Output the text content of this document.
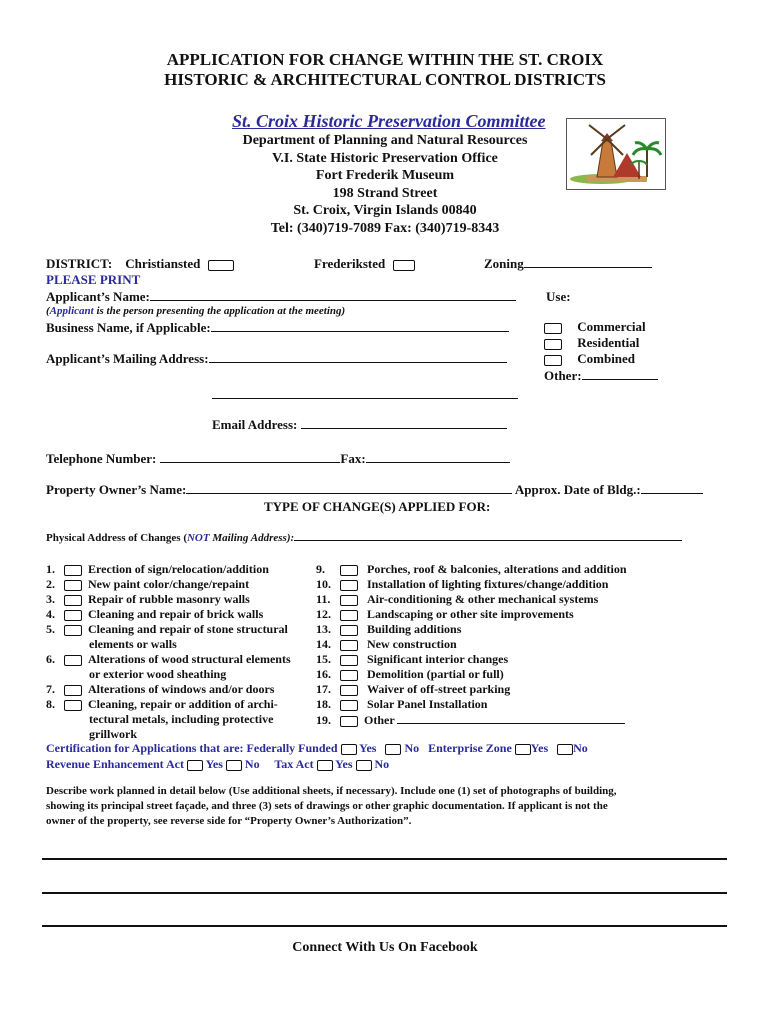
APPLICATION FOR CHANGE WITHIN THE ST. CROIX
HISTORIC & ARCHITECTURAL CONTROL DISTRICTS
St. Croix Historic Preservation Committee
Department of Planning and Natural Resources
V.I. State Historic Preservation Office
Fort Frederik Museum
198 Strand Street
St. Croix, Virgin Islands 00840
Tel: (340)719-7089 Fax: (340)719-8343
DISTRICT: Christiansted	Frederiksted	Zoning
PLEASE PRINT
Applicant’s Name:	Use:
(Applicant is the person presenting the application at the meeting)
Business Name, if Applicable:	Commercial
Residential
Combined
Other:
Applicant’s Mailing Address:
Email Address:
Telephone Number:	Fax:
Property Owner’s Name:	Approx. Date of Bldg.:
TYPE OF CHANGE(S) APPLIED FOR:
Physical Address of Changes (NOT Mailing Address):
1.	Erection of sign/relocation/addition
2.	New paint color/change/repaint
3.	Repair of rubble masonry walls
4.	Cleaning and repair of brick walls
5.	Cleaning and repair of stone structural
elements or walls
6.	Alterations of wood structural elements
or exterior wood sheathing
7.	Alterations of windows and/or doors
8.	Cleaning, repair or addition of archi-
tectural metals, including protective
grillwork
9.	Porches, roof & balconies, alterations and addition
10.	Installation of lighting fixtures/change/addition
11.	Air-conditioning & other mechanical systems
12.	Landscaping or other site improvements
13.	Building additions
14.	New construction
15.	Significant interior changes
16.	Demolition (partial or full)
17.	Waiver of off-street parking
18.	Solar Panel Installation
19.	Other
Certification for Applications that are: Federally Funded Yes No Enterprise Zone Yes No
Revenue Enhancement Act Yes No Tax Act Yes No
Describe work planned in detail below (Use additional sheets, if necessary). Include one (1) set of photographs of building,
showing its principal street façade, and three (3) sets of drawings or other graphic documentation. If applicant is not the
owner of the property, see reverse side for “Property Owner’s Authorization”.
Connect With Us On Facebook
